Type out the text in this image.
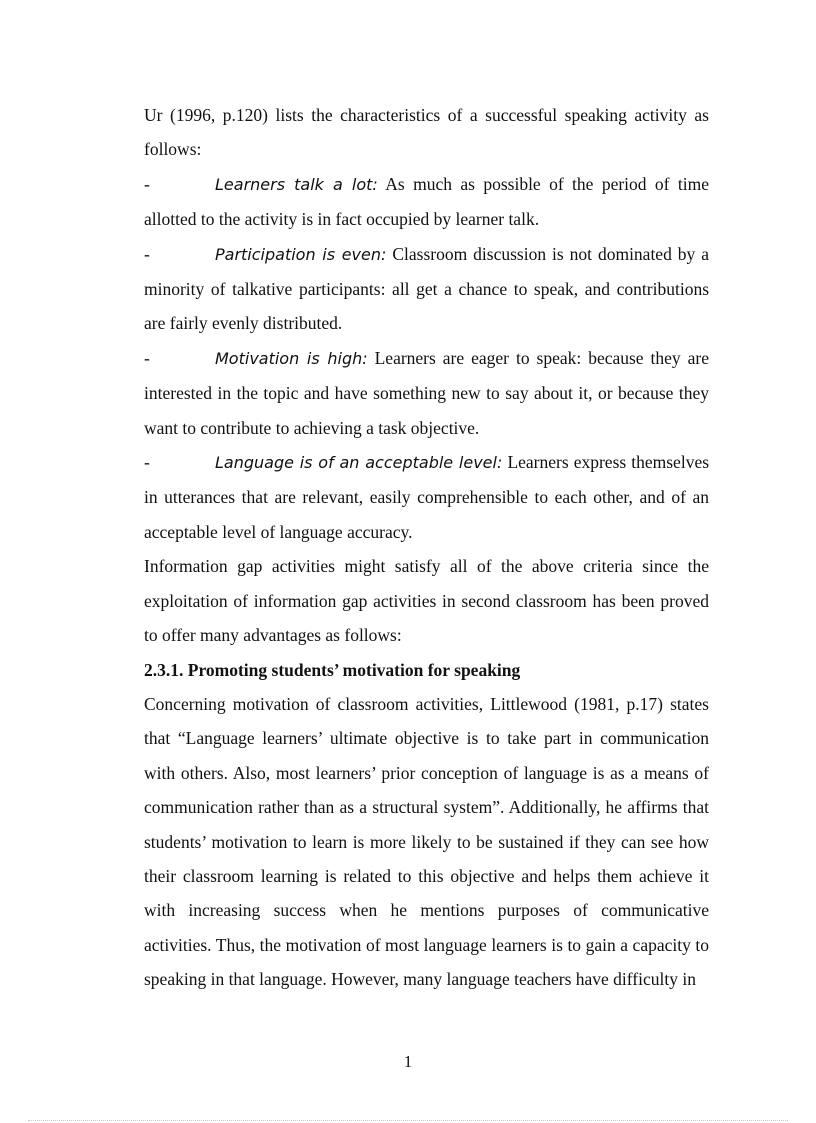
Ur (1996, p.120) lists the characteristics of a successful speaking activity as follows:

-	Learners talk a lot: As much as possible of the period of time allotted to the activity is in fact occupied by learner talk.

-	Participation is even: Classroom discussion is not dominated by a minority of talkative participants: all get a chance to speak, and contributions are fairly evenly distributed.

-	Motivation is high: Learners are eager to speak: because they are interested in the topic and have something new to say about it, or because they want to contribute to achieving a task objective.

-	Language is of an acceptable level: Learners express themselves in utterances that are relevant, easily comprehensible to each other, and of an acceptable level of language accuracy.

Information gap activities might satisfy all of the above criteria since the exploitation of information gap activities in second classroom has been proved to offer many advantages as follows:

2.3.1. Promoting students’ motivation for speaking

Concerning motivation of classroom activities, Littlewood (1981, p.17) states that “Language learners’ ultimate objective is to take part in communication with others. Also, most learners’ prior conception of language is as a means of communication rather than as a structural system”. Additionally, he affirms that students’ motivation to learn is more likely to be sustained if they can see how their classroom learning is related to this objective and helps them achieve it with increasing success when he mentions purposes of communicative activities. Thus, the motivation of most language learners is to gain a capacity to speaking in that language. However, many language teachers have difficulty in

1
